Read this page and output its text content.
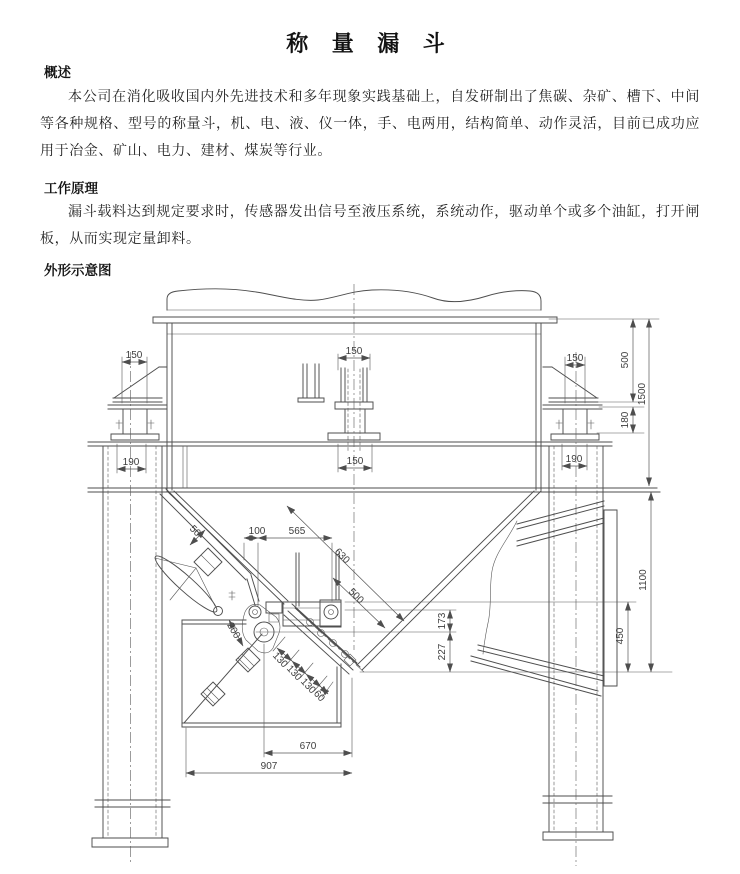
150
190
150
150
150
190
500
1500
180
1100
450
100 565
50
630
500
200	173
227
130
130
130
60
670
907
称 量 漏 斗
概述
本公司在消化吸收国内外先进技术和多年现象实践基础上，自发研制出了焦碳、杂矿、槽下、中间等各种规格、型号的称量斗，机、电、液、仪一体，手、电两用，结构简单、动作灵活，目前已成功应用于冶金、矿山、电力、建材、煤炭等行业。
工作原理
漏斗载料达到规定要求时，传感器发出信号至液压系统，系统动作，驱动单个或多个油缸，打开闸板，从而实现定量卸料。
外形示意图
